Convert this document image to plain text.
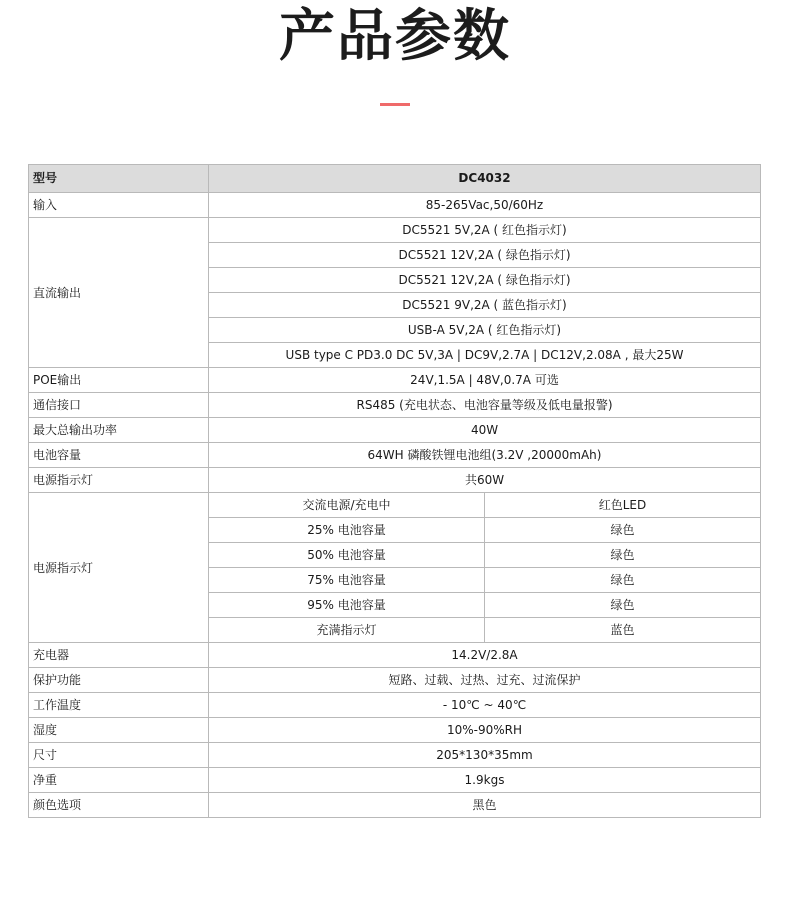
产品参数
型号	DC4032	
输入	85-265Vac,50/60Hz	
直流输出	DC5521 5V,2A ( 红色指示灯)	
	DC5521 12V,2A ( 绿色指示灯)	
	DC5521 12V,2A ( 绿色指示灯)	
	DC5521 9V,2A ( 蓝色指示灯)	
	USB-A 5V,2A ( 红色指示灯)	
	USB type C PD3.0 DC 5V,3A | DC9V,2.7A | DC12V,2.08A , 最大25W	
POE输出	24V,1.5A | 48V,0.7A 可选	
通信接口	RS485 (充电状态、电池容量等级及低电量报警)	
最大总输出功率	40W	
电池容量	64WH 磷酸铁锂电池组(3.2V ,20000mAh)	
电源指示灯	共60W	
电源指示灯	交流电源/充电中	红色LED
	25% 电池容量	绿色
	50% 电池容量	绿色
	75% 电池容量	绿色
	95% 电池容量	绿色
	充满指示灯	蓝色
充电器	14.2V/2.8A	
保护功能	短路、过载、过热、过充、过流保护	
工作温度	- 10℃ ~ 40℃	
湿度	10%-90%RH	
尺寸	205*130*35mm	
净重	1.9kgs	
颜色选项	黑色	
